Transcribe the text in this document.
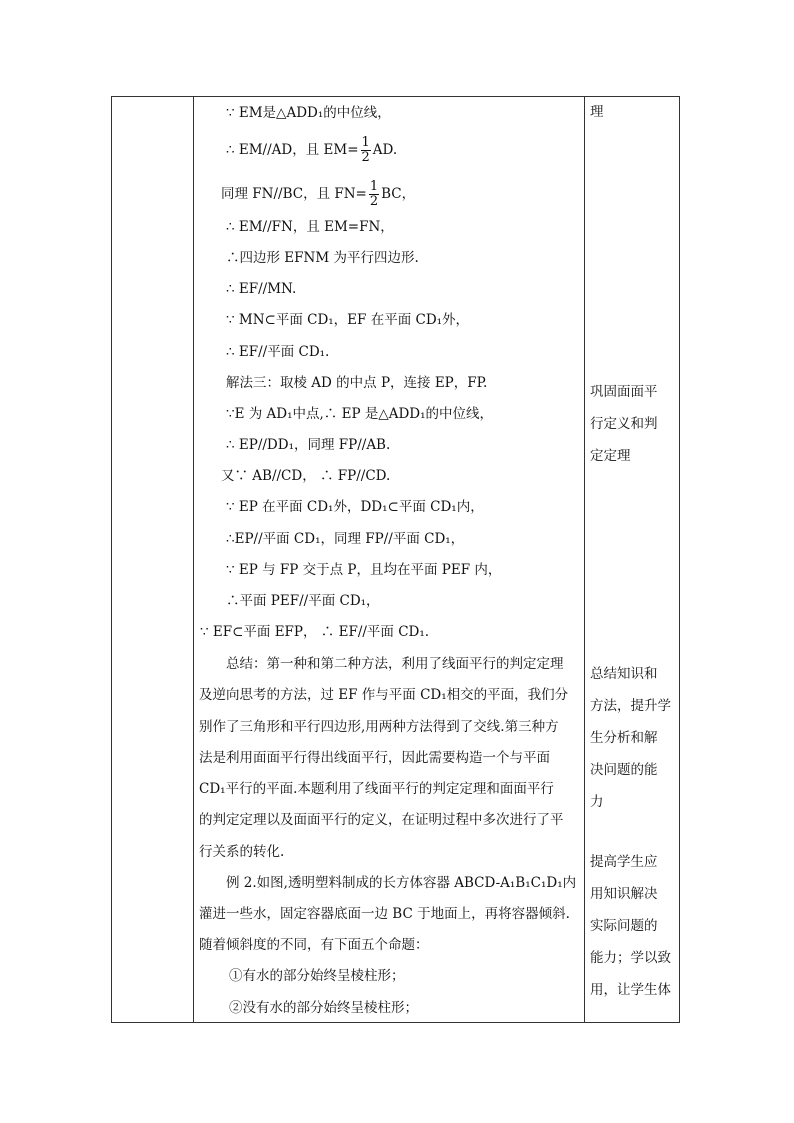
∵ EM是△ADD₁的中位线，
∴ EM//AD，且 $EM= \frac{1}{2}$ AD.
同理 FN//BC，且 $FN= \frac{1}{2}$ BC，
∴ EM//FN，且 EM=FN，
∴四边形 EFNM 为平行四边形.
∴ EF//MN.
∵ MN⊂平面 CD₁，EF 在平面 CD₁外，
∴ EF//平面 CD₁.
解法三：取棱 AD 的中点 P，连接 EP，FP.
∵E 为 AD₁中点,∴ EP 是△ADD₁的中位线，
∴ EP//DD₁，同理 FP//AB.
又∵ AB//CD， ∴ FP//CD.
∵ EP 在平面 CD₁外，DD₁⊂平面 CD₁内，
∴EP//平面 CD₁，同理 FP//平面 CD₁，
∵ EP 与 FP 交于点 P，且均在平面 PEF 内，
∴平面 PEF//平面 CD₁，
∵ EF⊂平面 EFP， ∴ EF//平面 CD₁.
总结：第一种和第二种方法，利用了线面平行的判定定理
及逆向思考的方法，过 EF 作与平面 CD₁相交的平面，我们分
别作了三角形和平行四边形,用两种方法得到了交线.第三种方
法是利用面面平行得出线面平行，因此需要构造一个与平面
CD₁平行的平面.本题利用了线面平行的判定定理和面面平行
的判定定理以及面面平行的定义，在证明过程中多次进行了平
行关系的转化.
例 2.如图,透明塑料制成的长方体容器 ABCD-A₁B₁C₁D₁内
灌进一些水，固定容器底面一边 BC 于地面上，再将容器倾斜.
随着倾斜度的不同，有下面五个命题：
①有水的部分始终呈棱柱形；
②没有水的部分始终呈棱柱形；
理
巩固面面平
行定义和判
定定理
总结知识和
方法，提升学
生分析和解
决问题的能
力
提高学生应
用知识解决
实际问题的
能力；学以致
用，让学生体
